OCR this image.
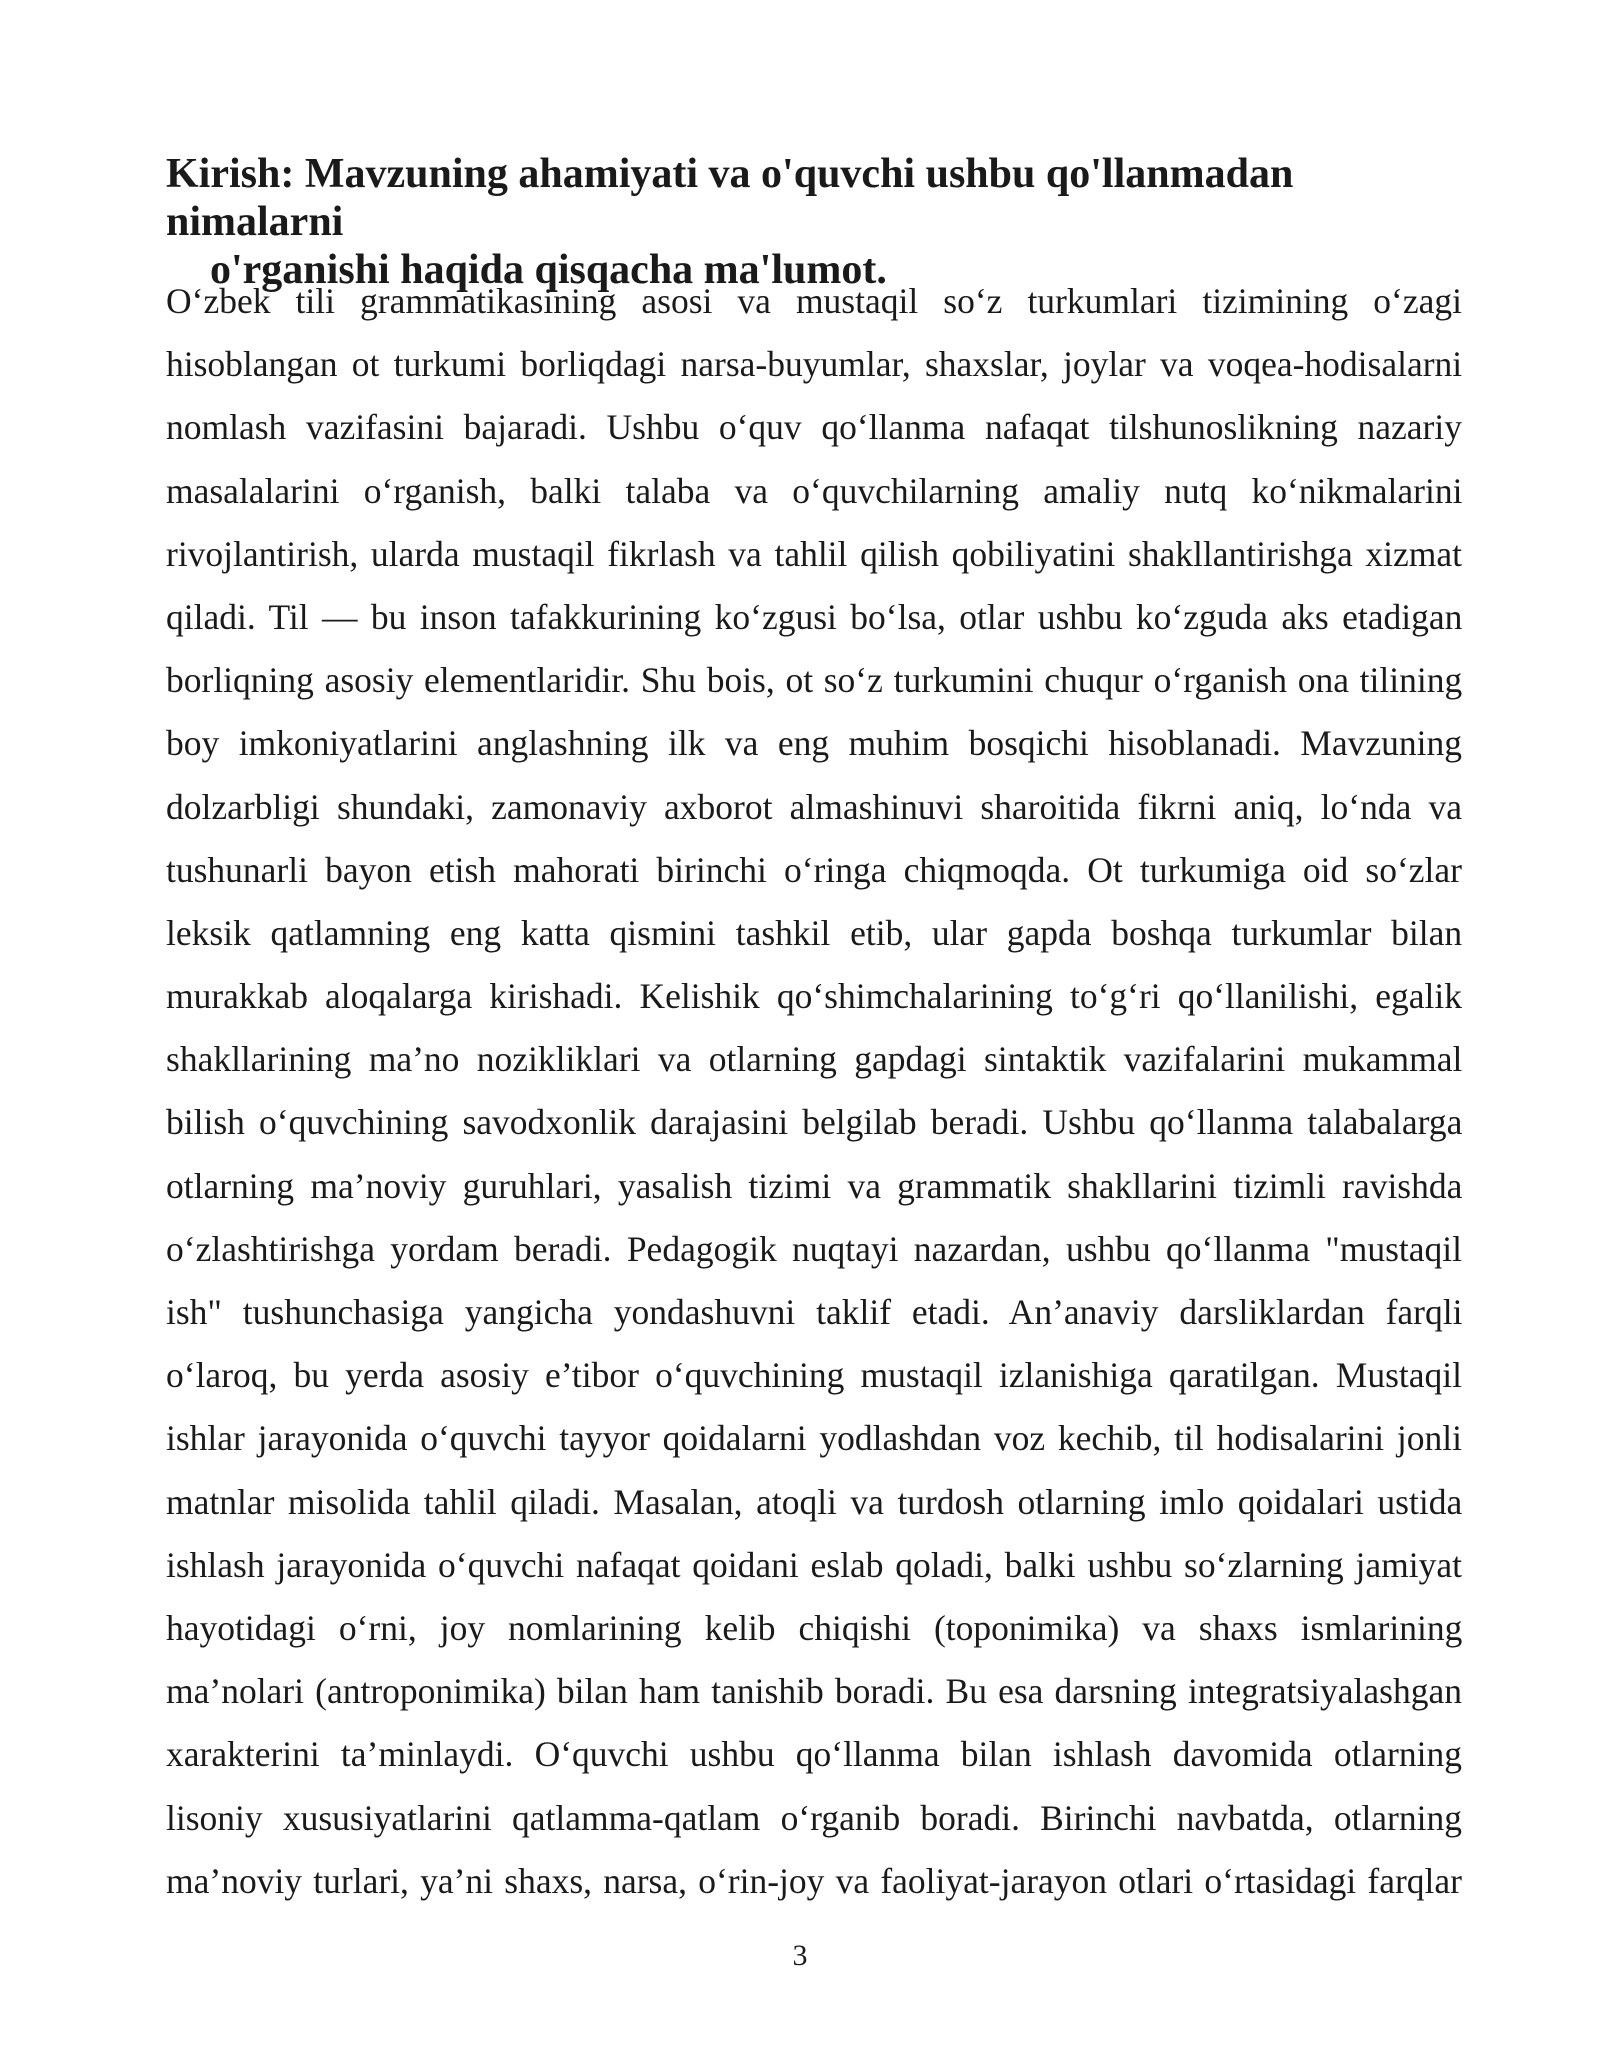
Kirish: Mavzuning ahamiyati va o'quvchi ushbu qo'llanmadan nimalarni
o'rganishi haqida qisqacha ma'lumot.
O‘zbek tili grammatikasining asosi va mustaqil so‘z turkumlari tizimining o‘zagi
hisoblangan ot turkumi borliqdagi narsa-buyumlar, shaxslar, joylar va voqea-hodisalarni
nomlash vazifasini bajaradi. Ushbu o‘quv qo‘llanma nafaqat tilshunoslikning nazariy
masalalarini o‘rganish, balki talaba va o‘quvchilarning amaliy nutq ko‘nikmalarini
rivojlantirish, ularda mustaqil fikrlash va tahlil qilish qobiliyatini shakllantirishga xizmat
qiladi. Til — bu inson tafakkurining ko‘zgusi bo‘lsa, otlar ushbu ko‘zguda aks etadigan
borliqning asosiy elementlaridir. Shu bois, ot so‘z turkumini chuqur o‘rganish ona tilining
boy imkoniyatlarini anglashning ilk va eng muhim bosqichi hisoblanadi. Mavzuning
dolzarbligi shundaki, zamonaviy axborot almashinuvi sharoitida fikrni aniq, lo‘nda va
tushunarli bayon etish mahorati birinchi o‘ringa chiqmoqda. Ot turkumiga oid so‘zlar
leksik qatlamning eng katta qismini tashkil etib, ular gapda boshqa turkumlar bilan
murakkab aloqalarga kirishadi. Kelishik qo‘shimchalarining to‘g‘ri qo‘llanilishi, egalik
shakllarining ma’no nozikliklari va otlarning gapdagi sintaktik vazifalarini mukammal
bilish o‘quvchining savodxonlik darajasini belgilab beradi. Ushbu qo‘llanma talabalarga
otlarning ma’noviy guruhlari, yasalish tizimi va grammatik shakllarini tizimli ravishda
o‘zlashtirishga yordam beradi. Pedagogik nuqtayi nazardan, ushbu qo‘llanma "mustaqil
ish" tushunchasiga yangicha yondashuvni taklif etadi. An’anaviy darsliklardan farqli
o‘laroq, bu yerda asosiy e’tibor o‘quvchining mustaqil izlanishiga qaratilgan. Mustaqil
ishlar jarayonida o‘quvchi tayyor qoidalarni yodlashdan voz kechib, til hodisalarini jonli
matnlar misolida tahlil qiladi. Masalan, atoqli va turdosh otlarning imlo qoidalari ustida
ishlash jarayonida o‘quvchi nafaqat qoidani eslab qoladi, balki ushbu so‘zlarning jamiyat
hayotidagi o‘rni, joy nomlarining kelib chiqishi (toponimika) va shaxs ismlarining
ma’nolari (antroponimika) bilan ham tanishib boradi. Bu esa darsning integratsiyalashgan
xarakterini ta’minlaydi. O‘quvchi ushbu qo‘llanma bilan ishlash davomida otlarning
lisoniy xususiyatlarini qatlamma-qatlam o‘rganib boradi. Birinchi navbatda, otlarning
ma’noviy turlari, ya’ni shaxs, narsa, o‘rin-joy va faoliyat-jarayon otlari o‘rtasidagi farqlar
3
